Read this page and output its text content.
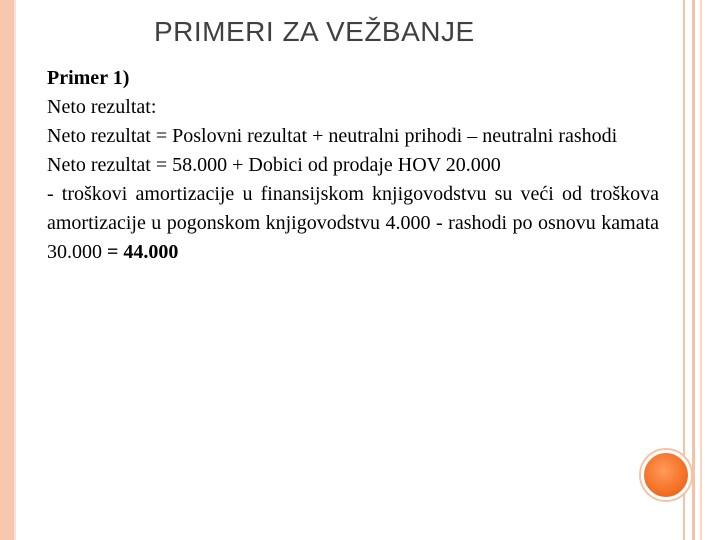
PRIMERI ZA VEŽBANJE

Primer 1)

Neto rezultat:

Neto rezultat = Poslovni rezultat + neutralni prihodi – neutralni rashodi

Neto rezultat = 58.000 + Dobici od prodaje HOV 20.000

- troškovi amortizacije u finansijskom knjigovodstvu su veći od troškova amortizacije u pogonskom knjigovodstvu 4.000 - rashodi po osnovu kamata 30.000 = 44.000
